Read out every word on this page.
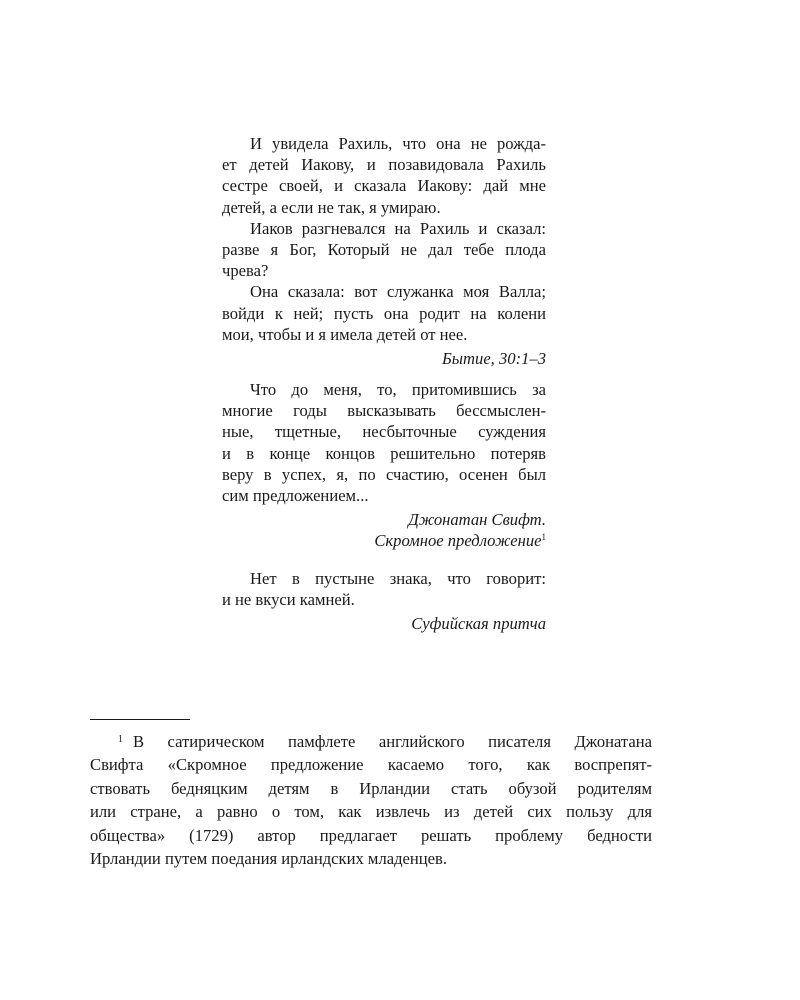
И увидела Рахиль, что она не рожда-
ет детей Иакову, и позавидовала Рахиль
сестре своей, и сказала Иакову: дай мне
детей, а если не так, я умираю.
Иаков разгневался на Рахиль и сказал:
разве я Бог, Который не дал тебе плода
чрева?
Она сказала: вот служанка моя Валла;
войди к ней; пусть она родит на колени
мои, чтобы и я имела детей от нее.
Бытие, 30:1–3
Что до меня, то, притомившись за
многие годы высказывать бессмыслен-
ные, тщетные, несбыточные суждения
и в конце концов решительно потеряв
веру в успех, я, по счастию, осенен был
сим предложением...
Джонатан Свифт.
Скромное предложение$^1$
Нет в пустыне знака, что говорит:
и не вкуси камней.
Суфийская притча
$^1$ В сатирическом памфлете английского писателя Джонатана
Свифта «Скромное предложение касаемо того, как воспрепят-
ствовать бедняцким детям в Ирландии стать обузой родителям
или стране, а равно о том, как извлечь из детей сих пользу для
общества» (1729) автор предлагает решать проблему бедности
Ирландии путем поедания ирландских младенцев.
